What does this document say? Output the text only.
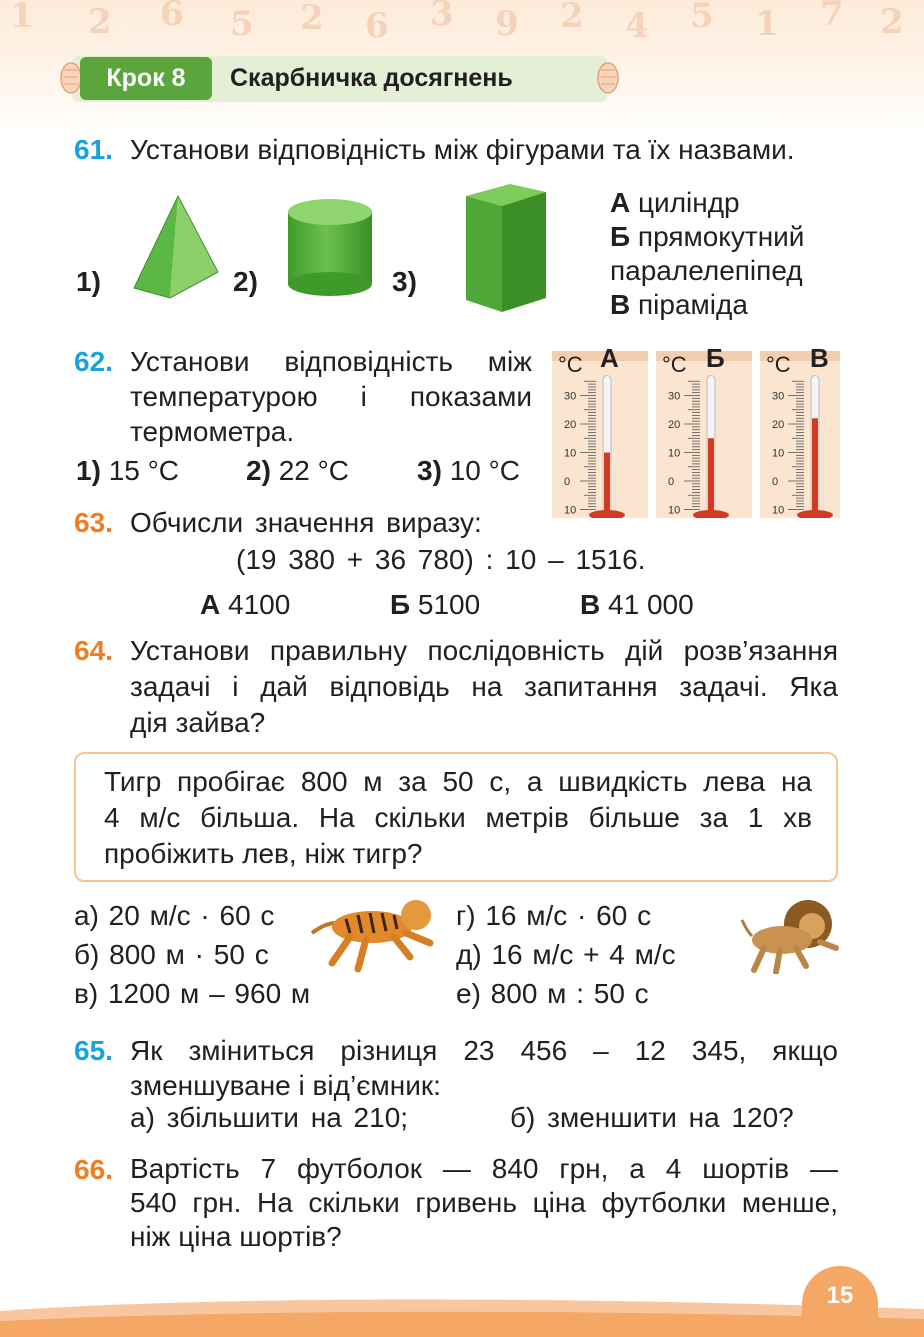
1 2 6 5 2 6 3 9 2 4 5 1 7 2
Крок 8	Скарбничка досягнень
61. Установи відповідність між фігурами та їх назвами.
1)	2)	3)
А циліндр
Б прямокутний
паралелепіпед
В піраміда
62. Установи відповідність між
температурою і показами
термометра.
1) 15 °С 2) 22 °С 3) 10 °С
30
20
10
0
10
°С А
30
20
10
0
10
°С Б
30
20
10
0
10
°С В
63. Обчисли значення виразу:
(19 380 + 36 780) : 10 – 1516.
А 4100	Б 5100	В 41 000
64. Установи правильну послідовність дій розв’язання
задачі і дай відповідь на запитання задачі. Яка
дія зайва?
Тигр пробігає 800 м за 50 с, а швидкість лева на
4 м/с більша. На скільки метрів більше за 1 хв
пробіжить лев, ніж тигр?
а) 20 м/с · 60 с
б) 800 м · 50 с
в) 1200 м – 960 м
г) 16 м/с · 60 с
д) 16 м/с + 4 м/с
е) 800 м : 50 с
65. Як зміниться різниця 23 456 – 12 345, якщо
зменшуване і від’ємник:
а) збільшити на 210;	б) зменшити на 120?
66. Вартість 7 футболок — 840 грн, а 4 шортів —
540 грн. На скільки гривень ціна футболки менше,
ніж ціна шортів?
15
